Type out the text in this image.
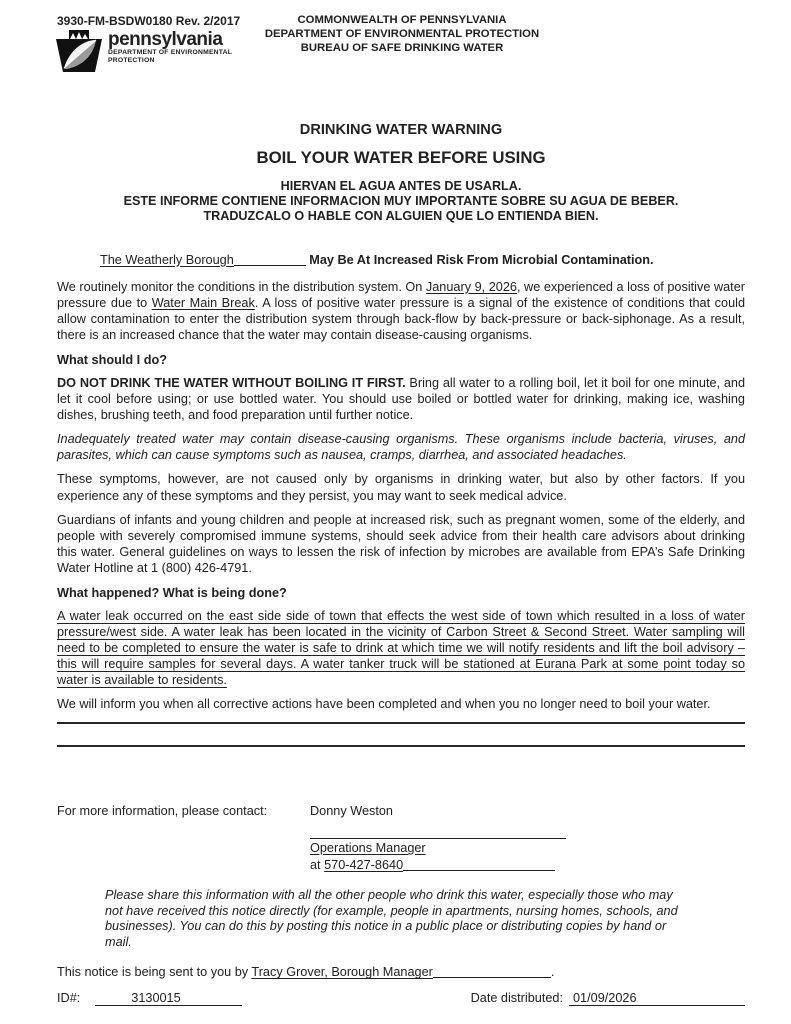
3930-FM-BSDW0180 Rev. 2/2017
pennsylvania
DEPARTMENT OF ENVIRONMENTAL
PROTECTION
COMMONWEALTH OF PENNSYLVANIA
DEPARTMENT OF ENVIRONMENTAL PROTECTION
BUREAU OF SAFE DRINKING WATER
DRINKING WATER WARNING
BOIL YOUR WATER BEFORE USING
HIERVAN EL AGUA ANTES DE USARLA.
ESTE INFORME CONTIENE INFORMACION MUY IMPORTANTE SOBRE SU AGUA DE BEBER.
TRADUZCALO O HABLE CON ALGUIEN QUE LO ENTIENDA BIEN.
The Weatherly Borough	May Be At Increased Risk From Microbial Contamination.
We routinely monitor the conditions in the distribution system. On January 9, 2026, we experienced a loss of positive water pressure due to Water Main Break. A loss of positive water pressure is a signal of the existence of conditions that could allow contamination to enter the distribution system through back-flow by back-pressure or back-siphonage. As a result, there is an increased chance that the water may contain disease-causing organisms.
What should I do?
DO NOT DRINK THE WATER WITHOUT BOILING IT FIRST. Bring all water to a rolling boil, let it boil for one minute, and let it cool before using; or use bottled water. You should use boiled or bottled water for drinking, making ice, washing dishes, brushing teeth, and food preparation until further notice.
Inadequately treated water may contain disease-causing organisms. These organisms include bacteria, viruses, and parasites, which can cause symptoms such as nausea, cramps, diarrhea, and associated headaches.
These symptoms, however, are not caused only by organisms in drinking water, but also by other factors. If you experience any of these symptoms and they persist, you may want to seek medical advice.
Guardians of infants and young children and people at increased risk, such as pregnant women, some of the elderly, and people with severely compromised immune systems, should seek advice from their health care advisors about drinking this water. General guidelines on ways to lessen the risk of infection by microbes are available from EPA’s Safe Drinking Water Hotline at 1 (800) 426-4791.
What happened? What is being done?
A water leak occurred on the east side side of town that effects the west side of town which resulted in a loss of water pressure/west side. A water leak has been located in the vicinity of Carbon Street & Second Street. Water sampling will need to be completed to ensure the water is safe to drink at which time we will notify residents and lift the boil advisory – this will require samples for several days. A water tanker truck will be stationed at Eurana Park at some point today so water is available to residents.
We will inform you when all corrective actions have been completed and when you no longer need to boil your water.
For more information, please contact:	Donny Weston
Operations Manager
at 570-427-8640
Please share this information with all the other people who drink this water, especially those who may not have received this notice directly (for example, people in apartments, nursing homes, schools, and businesses). You can do this by posting this notice in a public place or distributing copies by hand or mail.
This notice is being sent to you by Tracy Grover, Borough Manager	.
ID#:	3130015	Date distributed: 01/09/2026
